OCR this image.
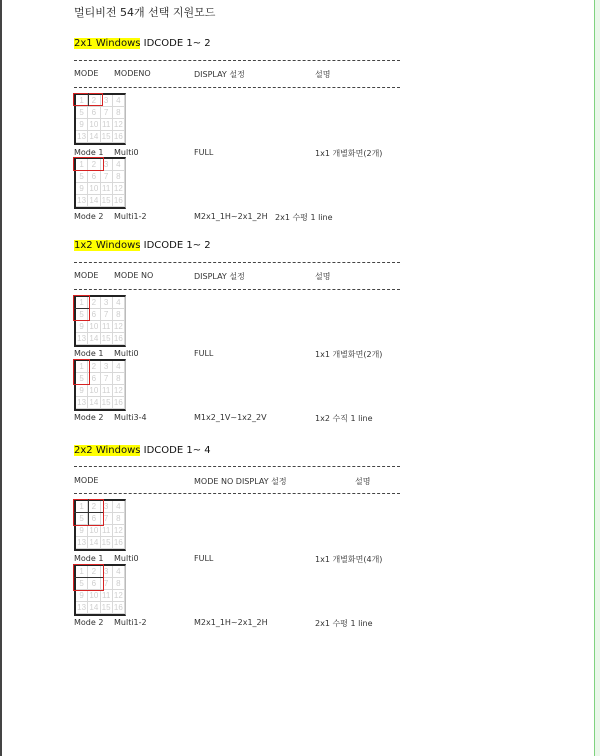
멀티비전 54개 선택 지원모드
2x1 Windows IDCODE 1~ 2
MODE MODENO	DISPLAY 설정	설명
1 2 3 4
5 6 7 8
9 10 11 12
13 14 15 16
Mode 1 Multi0	FULL	1x1 개별화면(2개)
1 2 3 4
5 6 7 8
9 10 11 12
13 14 15 16
Mode 2 Multi1-2	M2x1_1H~2x1_2H 2x1 수평 1 line
1x2 Windows IDCODE 1~ 2
MODE MODE NO	DISPLAY 설정	설명
1 2 3 4
5 6 7 8
9 10 11 12
13 14 15 16
Mode 1 Multi0	FULL	1x1 개별화면(2개)
1 2 3 4
5 6 7 8
9 10 11 12
13 14 15 16
Mode 2 Multi3-4	M1x2_1V~1x2_2V	1x2 수직 1 line
2x2 Windows IDCODE 1~ 4
MODE	MODE NO DISPLAY 설정	설명
1 2 3 4
5 6 7 8
9 10 11 12
13 14 15 16
Mode 1 Multi0	FULL	1x1 개별화면(4개)
1 2 3 4
5 6 7 8
9 10 11 12
13 14 15 16
Mode 2 Multi1-2	M2x1_1H~2x1_2H	2x1 수평 1 line
